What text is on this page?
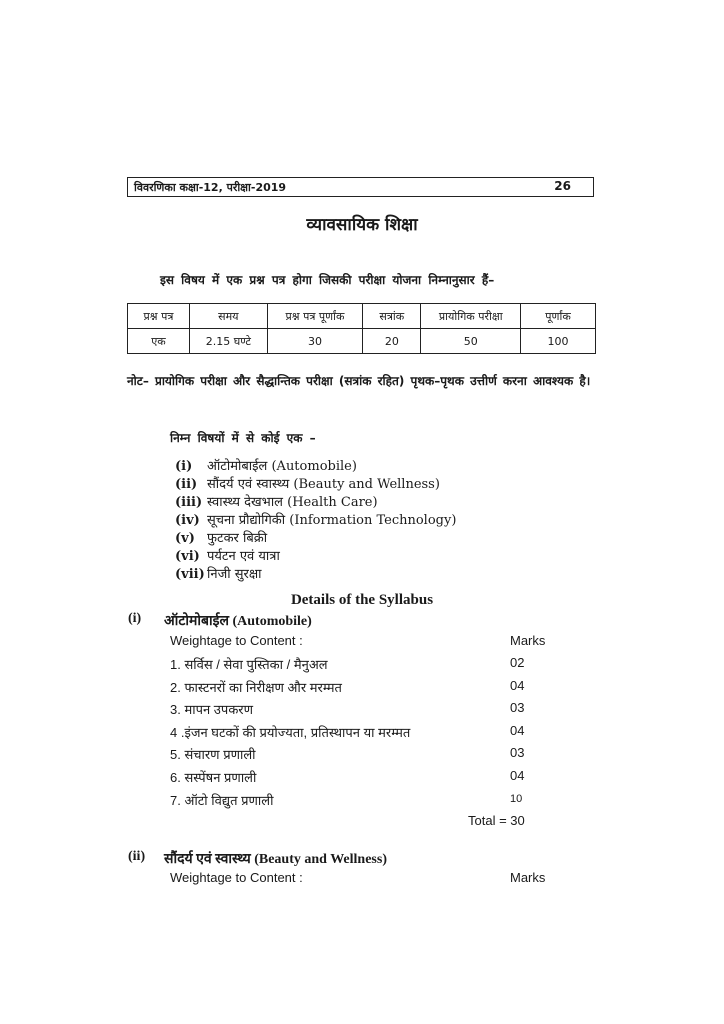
विवरणिका कक्षा-12, परीक्षा-2019	26
व्यावसायिक शिक्षा
इस विषय में एक प्रश्न पत्र होगा जिसकी परीक्षा योजना निम्नानुसार हैं–
प्रश्न पत्र	समय	प्रश्न पत्र पूर्णांक	सत्रांक	प्रायोगिक परीक्षा	पूर्णांक
एक	2.15 घण्टे	30	20	50	100
नोट– प्रायोगिक परीक्षा और सैद्धान्तिक परीक्षा (सत्रांक रहित) पृथक–पृथक उत्तीर्ण करना आवश्यक है।
निम्न विषयों में से कोई एक –
(i) ऑटोमोबाईल (Automobile)
(ii) सौंदर्य एवं स्वास्थ्य (Beauty and Wellness)
(iii) स्वास्थ्य देखभाल (Health Care)
(iv) सूचना प्रौद्योगिकी (Information Technology)
(v) फुटकर बिक्री
(vi) पर्यटन एवं यात्रा
(vii) निजी सुरक्षा
Details of the Syllabus
(i) ऑटोमोबाईल (Automobile)
Weightage to Content :	Marks
1. सर्विस / सेवा पुस्तिका / मैनुअल	02
2. फास्टनरों का निरीक्षण और मरम्मत	04
3. मापन उपकरण	03
4 .इंजन घटकों की प्रयोज्यता, प्रतिस्थापन या मरम्मत	04
5. संचारण प्रणाली	03
6. सस्पेंषन प्रणाली	04
7. ऑटो विद्युत प्रणाली	10
Total = 30
(ii) सौंदर्य एवं स्वास्थ्य (Beauty and Wellness)
Weightage to Content :	Marks
